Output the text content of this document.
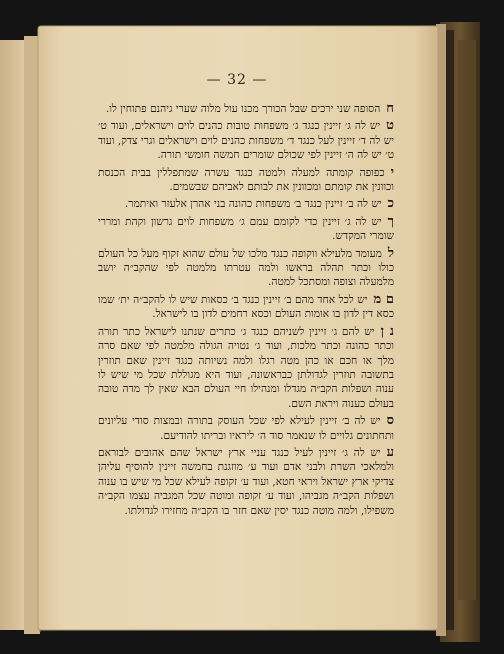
— 32 —

חהסופה שני ירכים שבל הכורך מכנו עול מלוה שערי גיהנם פתוחין לו.

טיש לה ג׳ זיינין כנגד ג׳ משפחות טובות כהנים לוים וישראלים, ועוד ט׳ יש לה ד׳ זיינין לעל כנגד ד׳ משפחות כהנים לוים וישראלים וגרי צדק, ועוד ט׳ יש לה ה׳ זיינין לפי שכולם שומרים חמשה חומשי תורה.

יכפופה קומתה למעלה ולמטה כנגד עשרה שמתפללין בבית הכנסת וכוונין את קומתם ומכוונין את לבותם לאביהם שבשמים.

כיש לה ב׳ זיינין כנגד ב׳ משפחות כהונה בני אהרן אלעזר ואיתמר.

ךיש לה ג׳ זיינין כדי לקומם עמם ג׳ משפחות לוים גרשון וקהת ומררי שומרי המקדש.

למעומד מלעילא ווקופה כנגד מלכו של עולם שהוא זקוף מעל כל העולם כולו וכתר תהלה בראשו ולמה עטרתו מלמטה לפי שהקב״ה יושב מלמעלה וצופה ומסתכל למטה.

ם מיש לכל אחד מהם ב׳ זיינין כנגד ב׳ כסאות שיש לו להקב״ה ית׳ שמו כסא דין לדון בו אומות העולם וכסא רחמים לדון בו לישראל.

נ ןיש להם ג׳ זיינין לשניהם כנגד ג׳ כתרים שנתנו לישראל כתר תורה וכתר כהונה וכתר מלכות, ועוד ג׳ נטויה הגולה מלמטה לפי שאם סרה מלך או חכם או כהן מטה רגלו ולמה נשיותה כנגד זיינין שאם תוזרין בתשובה תוזרין לגדולתן כבראשונה, ועוד היא מגוללת שכל מי שיש לו ענוה ושפלות הקב״ה מגדלו ומנהילו חיי העולם הבא שאין לך מדה טובה בעולם כענוה ויראת השם.

סיש לה ב׳ זיינין לעילא לפי שכל העוסק בתורה ובמצות סודי עליונים ותחתונים גלויים לו שנאמר סוד ה׳ ליראיו ובריתו להודיעם.

עיש לה ג׳ זיינין לעיל כנגד עניי ארץ ישראל שהם אהובים לבוראם ולמלאכי השרת ולבני אדם ועוד ע׳ מוזגנת בחמשה זיינין להוסיף עליהן צדיקי ארץ ישראל ויראי חטא, ועוד ע׳ זקופה לעילא שכל מי שיש בו ענוה ושפלות הקב״ה מגביהו, ועוד ע׳ זקופה ומוטה שכל המגביה עצמו הקב״ה משפילו, ולמה מוטה כנגד יסין שאם חזר בו הקב״ה מחזירו לגדולתו.
